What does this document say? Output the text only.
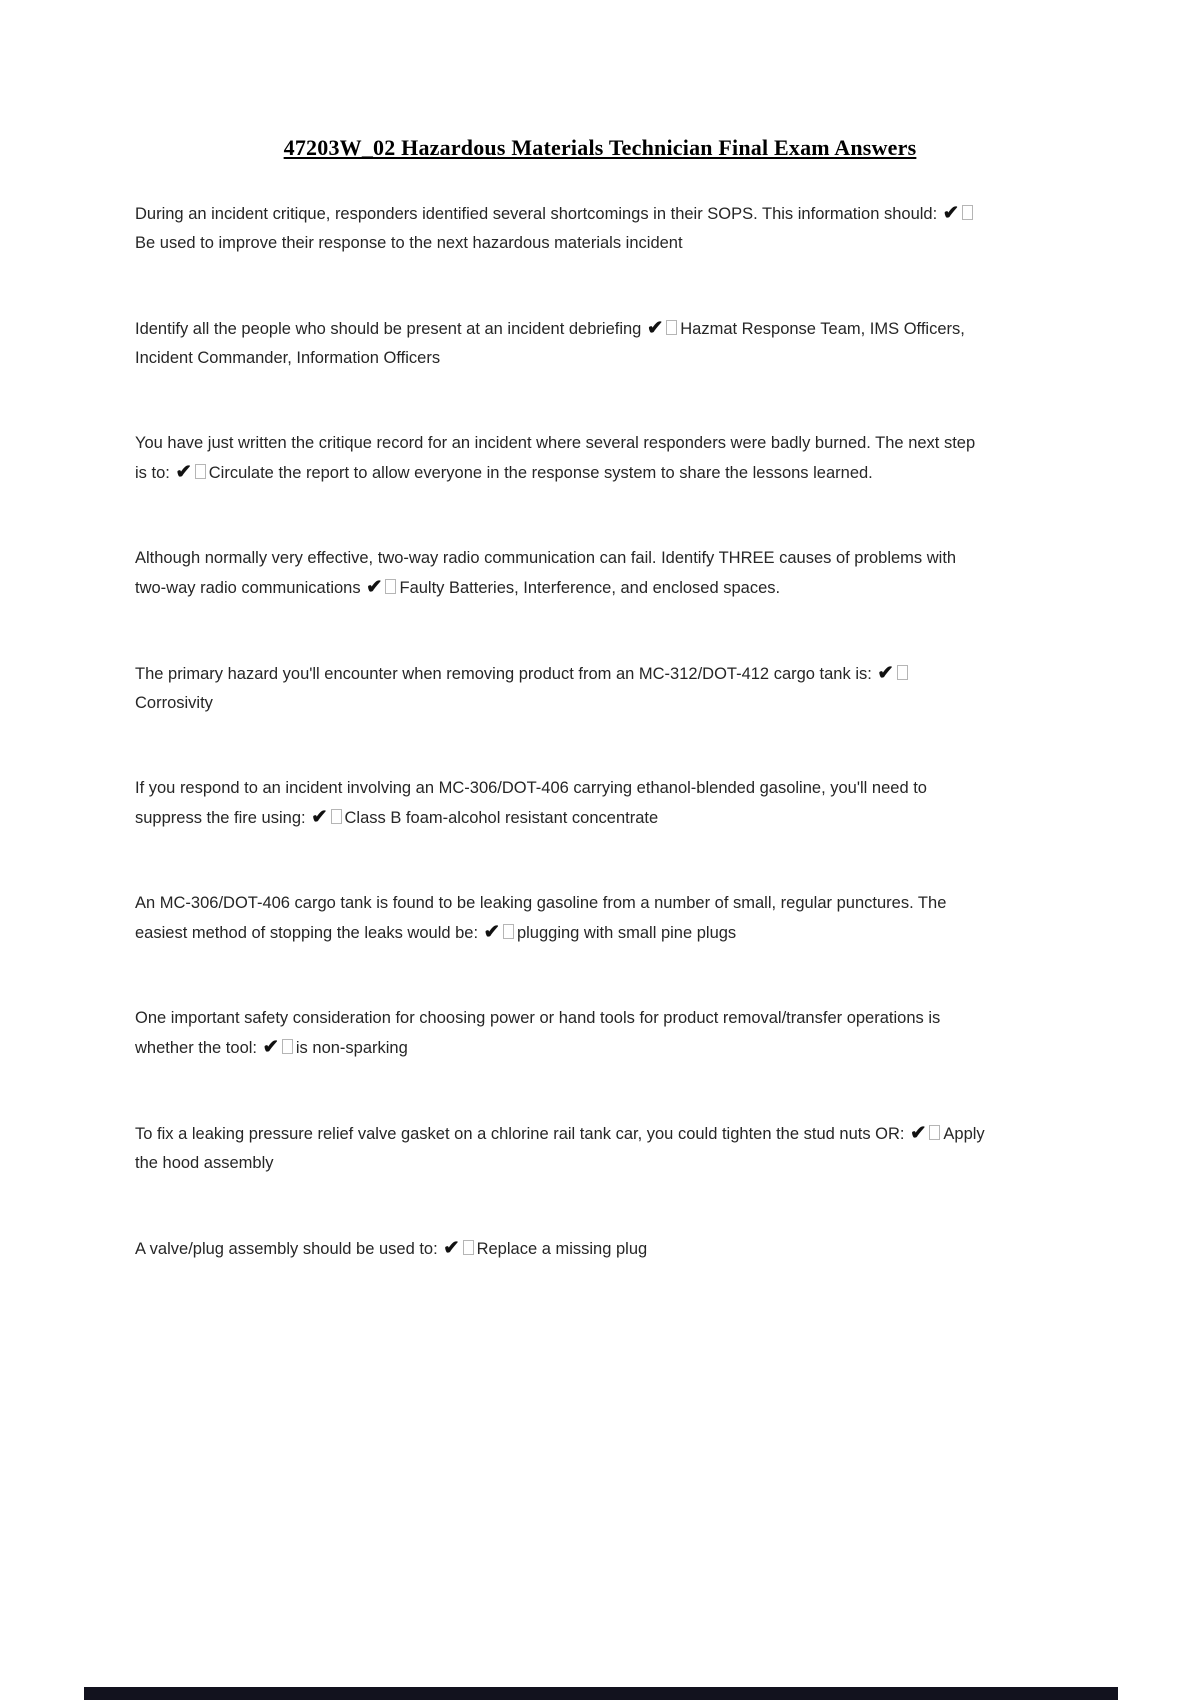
47203W_02 Hazardous Materials Technician Final Exam Answers

During an incident critique, responders identified several shortcomings in their SOPS. This information should: ✔Be used to improve their response to the next hazardous materials incident

Identify all the people who should be present at an incident debriefing ✔ Hazmat Response Team, IMS Officers, Incident Commander, Information Officers

You have just written the critique record for an incident where several responders were badly burned. The next step is to: ✔ Circulate the report to allow everyone in the response system to share the lessons learned.

Although normally very effective, two-way radio communication can fail. Identify THREE causes of problems with two-way radio communications ✔ Faulty Batteries, Interference, and enclosed spaces.

The primary hazard you'll encounter when removing product from an MC-312/DOT-412 cargo tank is: ✔Corrosivity

If you respond to an incident involving an MC-306/DOT-406 carrying ethanol-blended gasoline, you'll need to suppress the fire using: ✔ Class B foam-alcohol resistant concentrate

An MC-306/DOT-406 cargo tank is found to be leaking gasoline from a number of small, regular punctures. The easiest method of stopping the leaks would be: ✔ plugging with small pine plugs

One important safety consideration for choosing power or hand tools for product removal/transfer operations is whether the tool: ✔ is non-sparking

To fix a leaking pressure relief valve gasket on a chlorine rail tank car, you could tighten the stud nuts OR: ✔ Apply the hood assembly

A valve/plug assembly should be used to: ✔ Replace a missing plug
